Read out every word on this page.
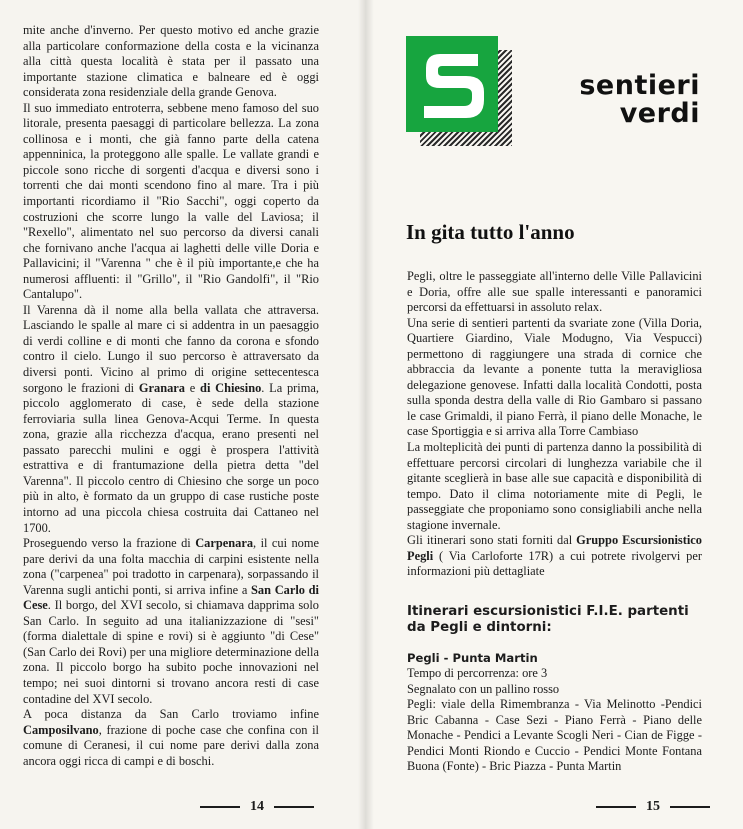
mite anche d'inverno. Per questo motivo ed anche grazie alla particolare conformazione della costa e la vicinanza alla città questa località è stata per il passato una importante stazione climatica e balneare ed è oggi considerata zona residenziale della grande Genova.

Il suo immediato entroterra, sebbene meno famoso del suo litorale, presenta paesaggi di particolare bellezza. La zona collinosa e i monti, che già fanno parte della catena appenninica, la proteggono alle spalle. Le vallate grandi e piccole sono ricche di sorgenti d'acqua e diversi sono i torrenti che dai monti scendono fino al mare. Tra i più importanti ricordiamo il "Rio Sacchi", oggi coperto da costruzioni che scorre lungo la valle del Laviosa; il "Rexello", alimentato nel suo percorso da diversi canali che fornivano anche l'acqua ai laghetti delle ville Doria e Pallavicini; il "Varenna " che è il più importante,e che ha numerosi affluenti: il "Grillo", il "Rio Gandolfi", il "Rio Cantalupo".

Il Varenna dà il nome alla bella vallata che attraversa. Lasciando le spalle al mare ci si addentra in un paesaggio di verdi colline e di monti che fanno da corona e sfondo contro il cielo. Lungo il suo percorso è attraversato da diversi ponti. Vicino al primo di origine settecentesca sorgono le frazioni di Granara e di Chiesino. La prima, piccolo agglomerato di case, è sede della stazione ferroviaria sulla linea Genova-Acqui Terme. In questa zona, grazie alla ricchezza d'acqua, erano presenti nel passato parecchi mulini e oggi è prospera l'attività estrattiva e di frantumazione della pietra detta "del Varenna". Il piccolo centro di Chiesino che sorge un poco più in alto, è formato da un gruppo di case rustiche poste intorno ad una piccola chiesa costruita dai Cattaneo nel 1700.

Proseguendo verso la frazione di Carpenara, il cui nome pare derivi da una folta macchia di carpini esistente nella zona ("carpenea" poi tradotto in carpenara), sorpassando il Varenna sugli antichi ponti, si arriva infine a San Carlo di Cese. Il borgo, del XVI secolo, si chiamava dapprima solo San Carlo. In seguito ad una italianizzazione di "sesi" (forma dialettale di spine e rovi) si è aggiunto "di Cese" (San Carlo dei Rovi) per una migliore determinazione della zona. Il piccolo borgo ha subito poche innovazioni nel tempo; nei suoi dintorni si trovano ancora resti di case contadine del XVI secolo.

A poca distanza da San Carlo troviamo infine Camposilvano, frazione di poche case che confina con il comune di Ceranesi, il cui nome pare derivi dalla zona ancora oggi ricca di campi e di boschi.

14
sentieri
verdi
In gita tutto l'anno

Pegli, oltre le passeggiate all'interno delle Ville Pallavicini e Doria, offre alle sue spalle interessanti e panoramici percorsi da effettuarsi in assoluto relax.

Una serie di sentieri partenti da svariate zone (Villa Doria, Quartiere Giardino, Viale Modugno, Via Vespucci) permettono di raggiungere una strada di cornice che abbraccia da levante a ponente tutta la meravigliosa delegazione genovese. Infatti dalla località Condotti, posta sulla sponda destra della valle di Rio Gambaro si passano le case Grimaldi, il piano Ferrà, il piano delle Monache, le case Sportiggia e si arriva alla Torre Cambiaso

La molteplicità dei punti di partenza danno la possibilità di effettuare percorsi circolari di lunghezza variabile che il gitante sceglierà in base alle sue capacità e disponibilità di tempo. Dato il clima notoriamente mite di Pegli, le passeggiate che proponiamo sono consigliabili anche nella stagione invernale.

Gli itinerari sono stati forniti dal Gruppo Escursionistico Pegli ( Via Carloforte 17R) a cui potrete rivolgervi per informazioni più dettagliate

Itinerari escursionistici F.I.E. partenti
da Pegli e dintorni:
Pegli - Punta Martin

Tempo di percorrenza: ore 3

Segnalato con un pallino rosso

Pegli: viale della Rimembranza - Via Melinotto -Pendici Bric Cabanna - Case Sezi - Piano Ferrà - Piano delle Monache - Pendici a Levante Scogli Neri - Cian de Figge - Pendici Monti Riondo e Cuccio - Pendici Monte Fontana Buona (Fonte) - Bric Piazza - Punta Martin

15
